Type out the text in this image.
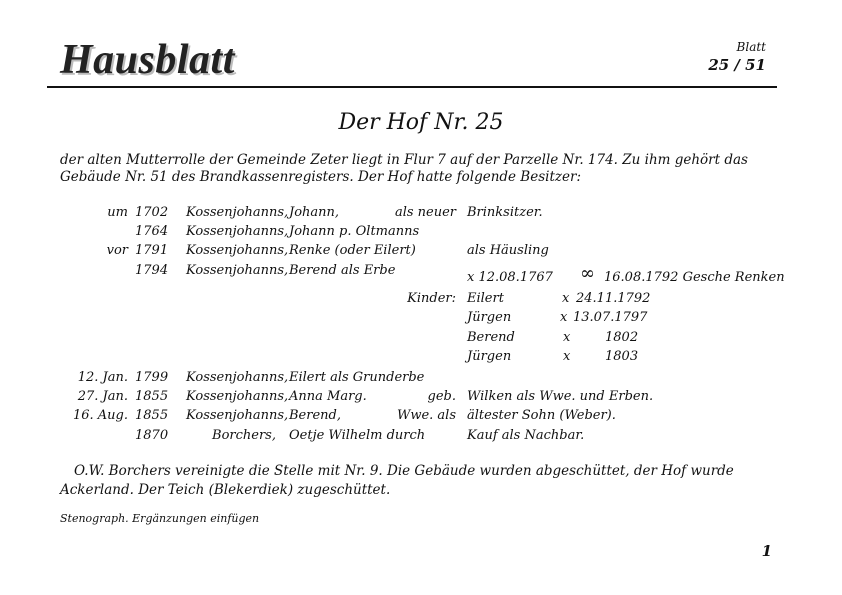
Hausblatt	Blatt
25 / 51
Der Hof Nr. 25
der alten Mutterrolle der Gemeinde Zeter liegt in Flur 7 auf der Parzelle Nr. 174. Zu ihm gehört das Gebäude Nr. 51 des Brandkassenregisters. Der Hof hatte folgende Besitzer:
um 1702 Kossenjohanns, Johann,	als neuer Brinksitzer.
1764 Kossenjohanns, Johann p. Oltmanns
vor 1791 Kossenjohanns, Renke (oder Eilert)	als Häusling
1794 Kossenjohanns, Berend als Erbe	x 12.08.1767 ∞ 16.08.1792 Gesche Renken
Kinder: Eilert	x 24.11.1792
Jürgen	x 13.07.1797
Berend	x	1802
Jürgen	x	1803
12. Jan. 1799 Kossenjohanns, Eilert als Grunderbe
27. Jan. 1855 Kossenjohanns, Anna Marg.	geb. Wilken als Wwe. und Erben.
16. Aug. 1855 Kossenjohanns, Berend,	Wwe. als ältester Sohn (Weber).
1870	Borchers, Oetje Wilhelm durch	Kauf als Nachbar.
O.W. Borchers vereinigte die Stelle mit Nr. 9. Die Gebäude wurden abgeschüttet, der Hof wurde Ackerland. Der Teich (Blekerdiek) zugeschüttet.
Stenograph. Ergänzungen einfügen
1
